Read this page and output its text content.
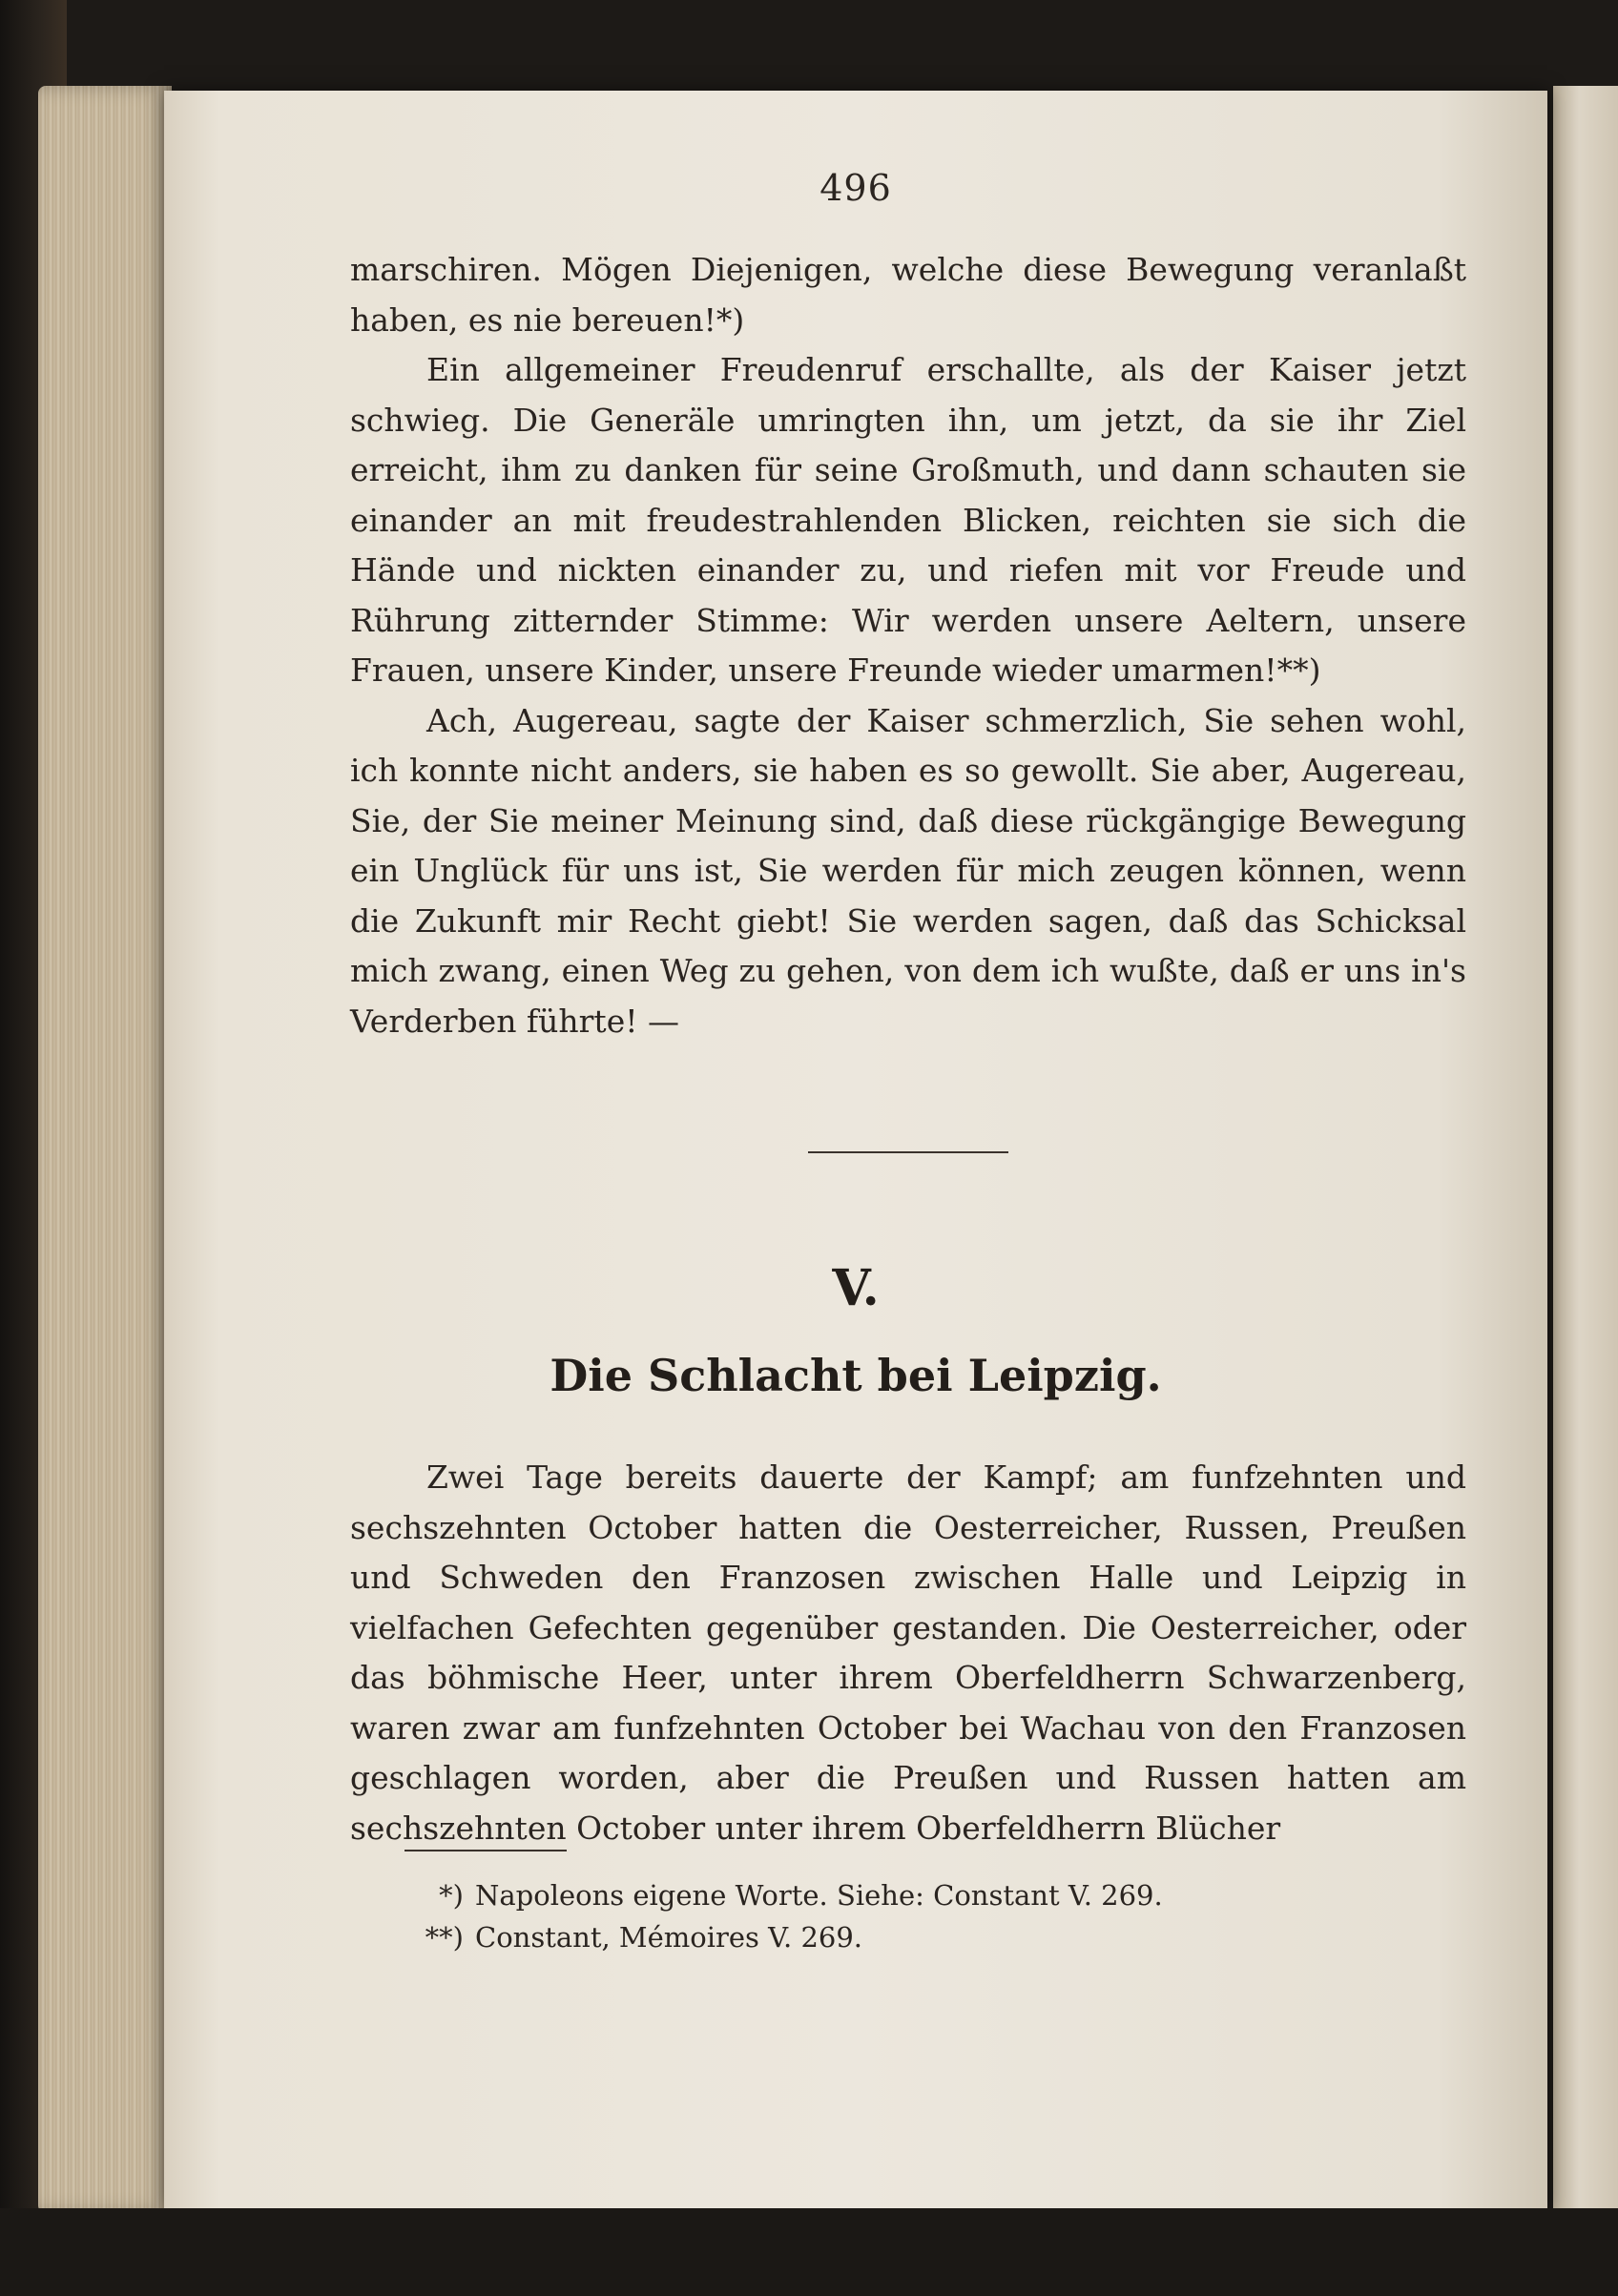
496

marschiren. Mögen Diejenigen, welche diese Bewegung veranlaßt haben, es nie bereuen!*)

Ein allgemeiner Freudenruf erschallte, als der Kaiser jetzt schwieg. Die Generäle umringten ihn, um jetzt, da sie ihr Ziel erreicht, ihm zu danken für seine Großmuth, und dann schauten sie einander an mit freudestrahlenden Blicken, reichten sie sich die Hände und nickten einander zu, und riefen mit vor Freude und Rührung zitternder Stimme: Wir werden unsere Aeltern, unsere Frauen, unsere Kinder, unsere Freunde wieder umarmen!**)

Ach, Augereau, sagte der Kaiser schmerzlich, Sie sehen wohl, ich konnte nicht anders, sie haben es so gewollt. Sie aber, Augereau, Sie, der Sie meiner Meinung sind, daß diese rückgängige Bewegung ein Unglück für uns ist, Sie werden für mich zeugen können, wenn die Zukunft mir Recht giebt! Sie werden sagen, daß das Schicksal mich zwang, einen Weg zu gehen, von dem ich wußte, daß er uns in's Verderben führte! —

V.
Die Schlacht bei Leipzig.

Zwei Tage bereits dauerte der Kampf; am funfzehnten und sechszehnten October hatten die Oesterreicher, Russen, Preußen und Schweden den Franzosen zwischen Halle und Leipzig in vielfachen Gefechten gegenüber gestanden. Die Oesterreicher, oder das böhmische Heer, unter ihrem Oberfeldherrn Schwarzenberg, waren zwar am funfzehnten October bei Wachau von den Franzosen geschlagen worden, aber die Preußen und Russen hatten am sechszehnten October unter ihrem Oberfeldherrn Blücher

*) Napoleons eigene Worte. Siehe: Constant V. 269.
**) Constant, Mémoires V. 269.
